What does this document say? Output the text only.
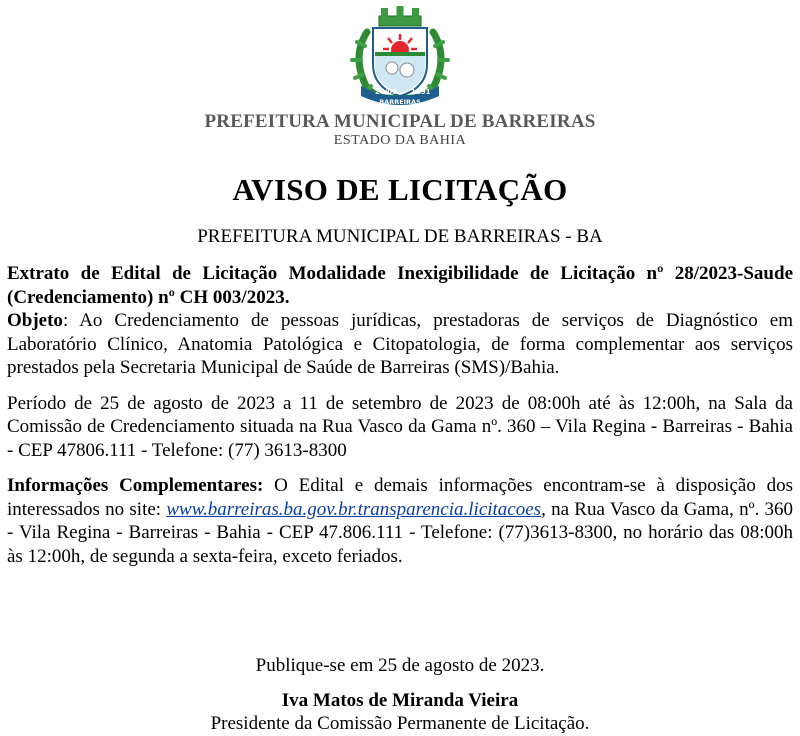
26/05 1891
BARREIRAS
PREFEITURA MUNICIPAL DE BARREIRAS
ESTADO DA BAHIA
AVISO DE LICITAÇÃO
PREFEITURA MUNICIPAL DE BARREIRAS - BA

Extrato de Edital de Licitação Modalidade Inexigibilidade de Licitação nº 28/2023-Saude (Credenciamento) nº CH 003/2023.

Objeto: Ao Credenciamento de pessoas jurídicas, prestadoras de serviços de Diagnóstico em Laboratório Clínico, Anatomia Patológica e Citopatologia, de forma complementar aos serviços prestados pela Secretaria Municipal de Saúde de Barreiras (SMS)/Bahia.

Período de 25 de agosto de 2023 a 11 de setembro de 2023 de 08:00h até às 12:00h, na Sala da Comissão de Credenciamento situada na Rua Vasco da Gama nº. 360 – Vila Regina - Barreiras - Bahia - CEP 47806.111 - Telefone: (77) 3613-8300

Informações Complementares: O Edital e demais informações encontram-se à disposição dos interessados no site: www.barreiras.ba.gov.br.transparencia.licitacoes, na Rua Vasco da Gama, nº. 360 - Vila Regina - Barreiras - Bahia - CEP 47.806.111 - Telefone: (77)3613-8300, no horário das 08:00h às 12:00h, de segunda a sexta-feira, exceto feriados.

Publique-se em 25 de agosto de 2023.
Iva Matos de Miranda Vieira
Presidente da Comissão Permanente de Licitação.
